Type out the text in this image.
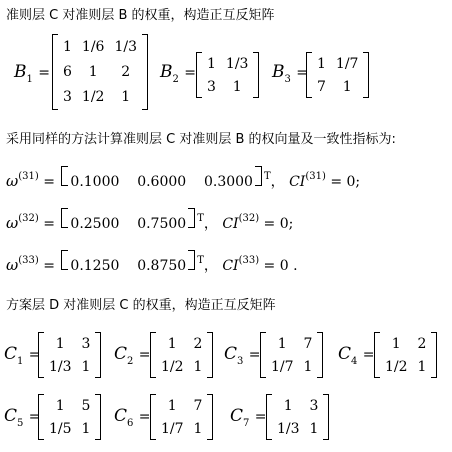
准则层 C 对准则层 B 的权重，构造正互反矩阵
$B_1$ =
1	1/6	1/3
6	1	2
3	1/2	1
$B_2$ =
1	1/3
3	1
$B_3$ =
1	1/7
7	1
采用同样的方法计算准则层 C 对准则层 B 的权向量及一致性指标为:
$\omega^{(31)} = 0.1000$    0.6000    0.3000 $^T$， $CI^{(31)} = 0$;
$\omega^{(32)} = 0.2500$    0.7500 $^T$， $CI^{(32)} = 0$;
$\omega^{(33)} = 0.1250$    0.8750 $^T$， $CI^{(33)} = 0$ .
方案层 D 对准则层 C 的权重，构造正互反矩阵
$C_1$ =
1	3
1/3	1
$C_2$ =
1	2
1/2	1
$C_3$ =
1	7
1/7	1
$C_4$ =
1	2
1/2	1
$C_5$ =
1	5
1/5	1
$C_6$ =
1	7
1/7	1
$C_7$ =
1	3
1/3	1
